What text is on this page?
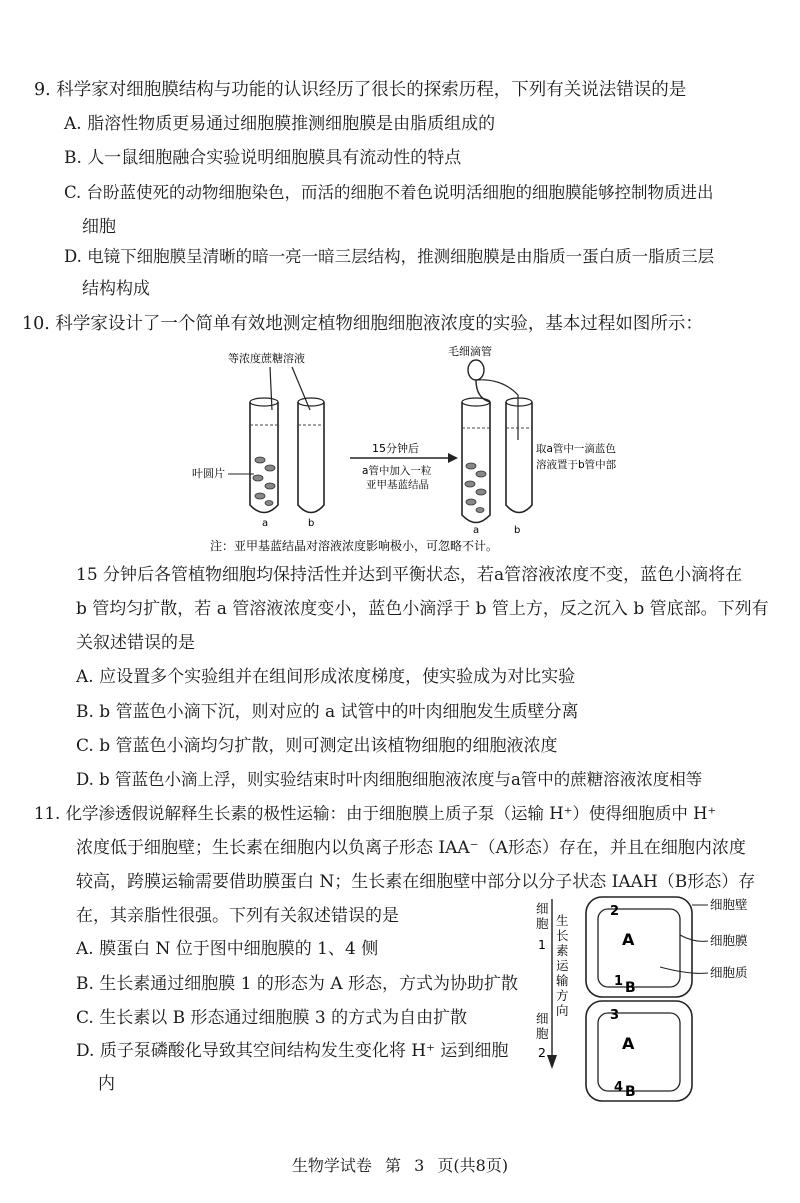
9. 科学家对细胞膜结构与功能的认识经历了很长的探索历程，下列有关说法错误的是
A. 脂溶性物质更易通过细胞膜推测细胞膜是由脂质组成的
B. 人一鼠细胞融合实验说明细胞膜具有流动性的特点
C. 台盼蓝使死的动物细胞染色，而活的细胞不着色说明活细胞的细胞膜能够控制物质进出
细胞
D. 电镜下细胞膜呈清晰的暗一亮一暗三层结构，推测细胞膜是由脂质一蛋白质一脂质三层
结构构成
10. 科学家设计了一个简单有效地测定植物细胞细胞液浓度的实验，基本过程如图所示：
等浓度蔗糖溶液
叶圆片
a	b
15分钟后
a管中加入一粒
亚甲基蓝结晶
毛细滴管
a	b
取a管中一滴蓝色
溶液置于b管中部
注：亚甲基蓝结晶对溶液浓度影响极小，可忽略不计。
15 分钟后各管植物细胞均保持活性并达到平衡状态，若a管溶液浓度不变，蓝色小滴将在
b 管均匀扩散，若 a 管溶液浓度变小，蓝色小滴浮于 b 管上方，反之沉入 b 管底部。下列有
关叙述错误的是
A. 应设置多个实验组并在组间形成浓度梯度，使实验成为对比实验
B. b 管蓝色小滴下沉，则对应的 a 试管中的叶肉细胞发生质壁分离
C. b 管蓝色小滴均匀扩散，则可测定出该植物细胞的细胞液浓度
D. b 管蓝色小滴上浮，则实验结束时叶肉细胞细胞液浓度与a管中的蔗糖溶液浓度相等
11. 化学渗透假说解释生长素的极性运输：由于细胞膜上质子泵（运输 H⁺）使得细胞质中 H⁺
浓度低于细胞壁；生长素在细胞内以负离子形态 IAA⁻（A形态）存在，并且在细胞内浓度
较高，跨膜运输需要借助膜蛋白 N；生长素在细胞壁中部分以分子状态 IAAH（B形态）存
在，其亲脂性很强。下列有关叙述错误的是
A. 膜蛋白 N 位于图中细胞膜的 1、4 侧
B. 生长素通过细胞膜 1 的形态为 A 形态，方式为协助扩散
C. 生长素以 B 形态通过细胞膜 3 的方式为自由扩散
D. 质子泵磷酸化导致其空间结构发生变化将 H⁺ 运到细胞
内
生
长
素
运
输
方
向
细
胞
1
细
胞
2
2
A
1 B
3
A
4 B
细胞壁
细胞膜
细胞质
生物学试卷 第 3 页(共8页)
